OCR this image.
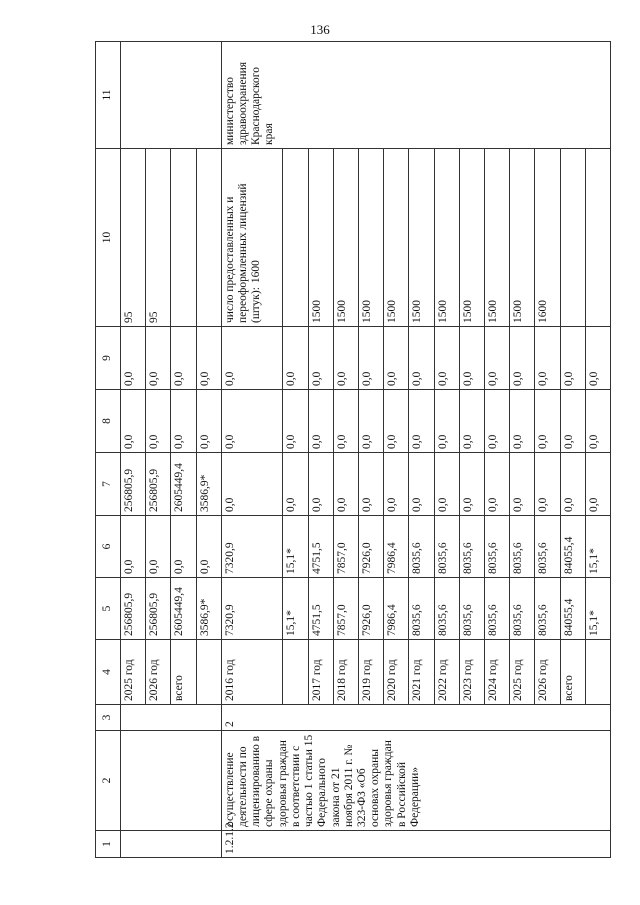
136
1	2	3	4	5	6	7	8	9	10	11
			2025 год	256805,9	0,0	256805,9	0,0	0,0	95	
			2026 год	256805,9	0,0	256805,9	0,0	0,0	95	
			всего	2605449,4	0,0	2605449,4	0,0	0,0		
				3586,9*	0,0	3586,9*	0,0	0,0		
1.2.1.2	осуществление деятельности по лицензированию в сфере охраны здоровья граждан в соответствии с частью 1 статьи 15 Федерального закона от 21 ноября 2011 г. № 323-ФЗ «Об основах охраны здоровья граждан в Российской Федерации»	2	2016 год	7320,9	7320,9	0,0	0,0	0,0	число предоставленных и переоформленных лицензий (штук):1600	министерство здравоохранения Краснодарского края
				15,1*	15,1*	0,0	0,0	0,0		
			2017 год	4751,5	4751,5	0,0	0,0	0,0	1500	
			2018 год	7857,0	7857,0	0,0	0,0	0,0	1500	
			2019 год	7926,0	7926,0	0,0	0,0	0,0	1500	
			2020 год	7986,4	7986,4	0,0	0,0	0,0	1500	
			2021 год	8035,6	8035,6	0,0	0,0	0,0	1500	
			2022 год	8035,6	8035,6	0,0	0,0	0,0	1500	
			2023 год	8035,6	8035,6	0,0	0,0	0,0	1500	
			2024 год	8035,6	8035,6	0,0	0,0	0,0	1500	
			2025 год	8035,6	8035,6	0,0	0,0	0,0	1500	
			2026 год	8035,6	8035,6	0,0	0,0	0,0	1600	
			всего	84055,4	84055,4	0,0	0,0	0,0		
				15,1*	15,1*	0,0	0,0	0,0		
